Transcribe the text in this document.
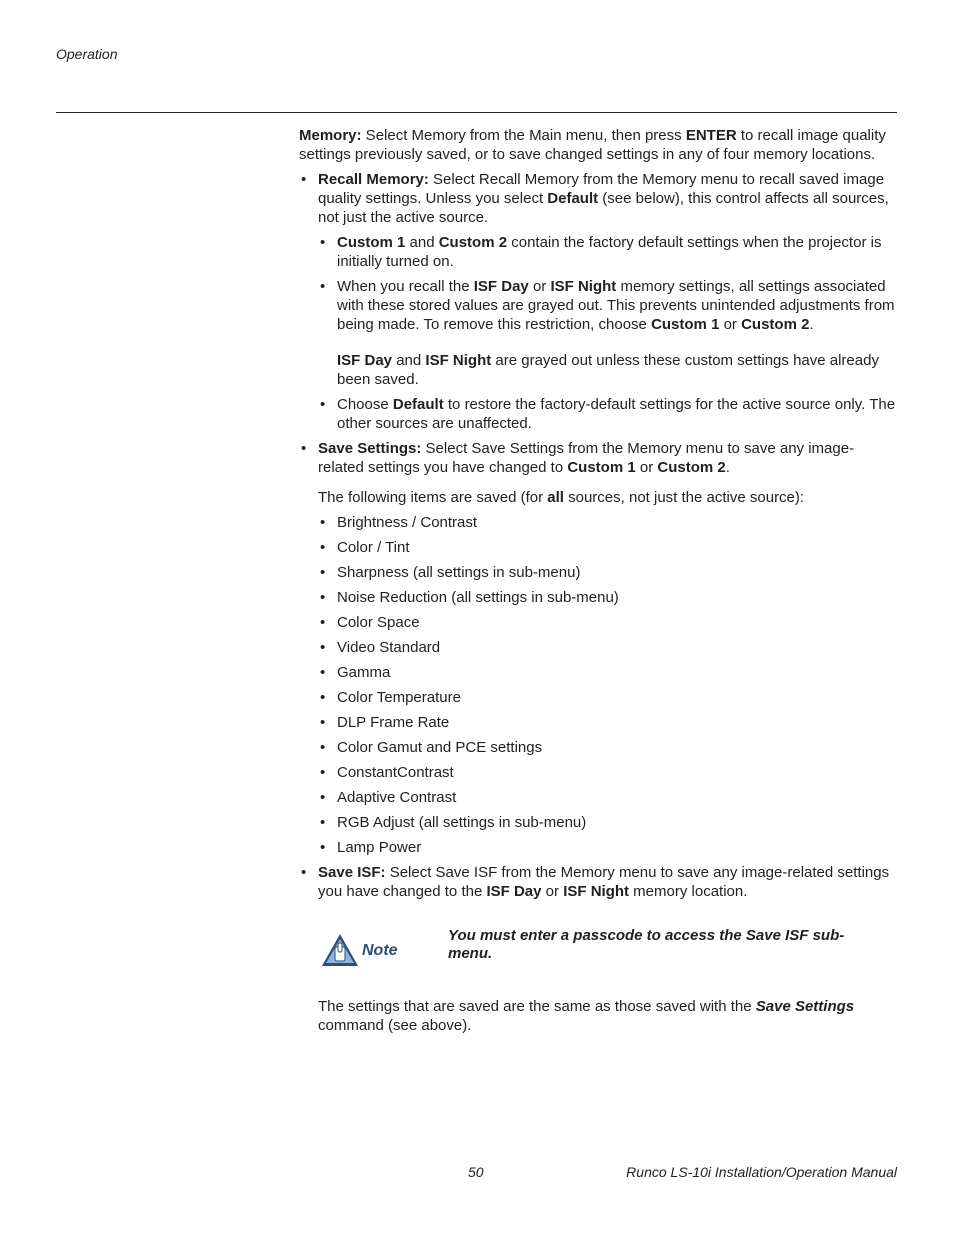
Operation

Memory: Select Memory from the Main menu, then press ENTER to recall image quality settings previously saved, or to save changed settings in any of four memory locations.

• Recall Memory: Select Recall Memory from the Memory menu to recall saved image quality settings. Unless you select Default (see below), this control affects all sources, not just the active source.
• Custom 1 and Custom 2 contain the factory default settings when the projector is initially turned on.
• When you recall the ISF Day or ISF Night memory settings, all settings associated with these stored values are grayed out. This prevents unintended adjustments from being made. To remove this restriction, choose Custom 1 or Custom 2.

ISF Day and ISF Night are grayed out unless these custom settings have already been saved.

• Choose Default to restore the factory-default settings for the active source only. The other sources are unaffected.
• Save Settings: Select Save Settings from the Memory menu to save any image-related settings you have changed to Custom 1 or Custom 2.

The following items are saved (for all sources, not just the active source):

• Brightness / Contrast
• Color / Tint
• Sharpness (all settings in sub-menu)
• Noise Reduction (all settings in sub-menu)
• Color Space
• Video Standard
• Gamma
• Color Temperature
• DLP Frame Rate
• Color Gamut and PCE settings
• ConstantContrast
• Adaptive Contrast
• RGB Adjust (all settings in sub-menu)
• Lamp Power
• Save ISF: Select Save ISF from the Memory menu to save any image-related settings you have changed to the ISF Day or ISF Night memory location.
Note
You must enter a passcode to access the Save ISF sub-menu.

The settings that are saved are the same as those saved with the Save Settings command (see above).

50	Runco LS-10i Installation/Operation Manual
